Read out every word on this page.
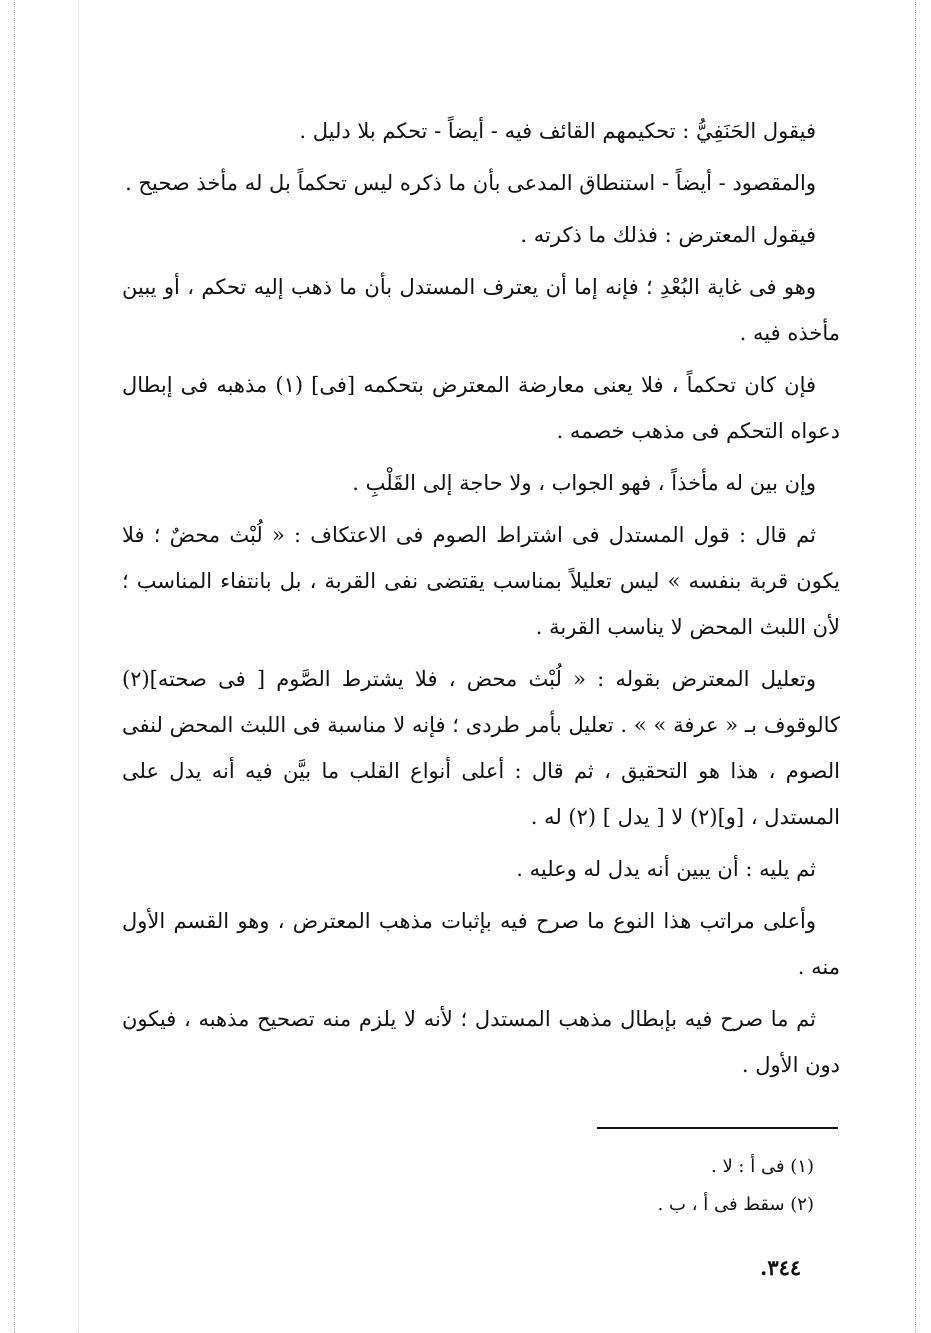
فيقول الحَنَفِيُّ : تحكيمهم القائف فيه - أيضاً - تحكم بلا دليل .

والمقصود - أيضاً - استنطاق المدعى بأن ما ذكره ليس تحكماً بل له مأخذ صحيح .

فيقول المعترض : فذلك ما ذكرته .

وهو فى غاية البُعْدِ ؛ فإنه إما أن يعترف المستدل بأن ما ذهب إليه تحكم ، أو يبين مأخذه فيه .

فإن كان تحكماً ، فلا يعنى معارضة المعترض بتحكمه [فى] (١) مذهبه فى إبطال دعواه التحكم فى مذهب خصمه .

وإن بين له مأخذاً ، فهو الجواب ، ولا حاجة إلى القَلْبِ .

ثم قال : قول المستدل فى اشتراط الصوم فى الاعتكاف : « لُبْث محضٌ ؛ فلا يكون قربة بنفسه » ليس تعليلاً بمناسب يقتضى نفى القربة ، بل بانتفاء المناسب ؛ لأن اللبث المحض لا يناسب القربة .

وتعليل المعترض بقوله : « لُبْث محض ، فلا يشترط الصَّوم [ فى صحته](٢) كالوقوف بـ « عرفة » » . تعليل بأمر طردى ؛ فإنه لا مناسبة فى اللبث المحض لنفى الصوم ، هذا هو التحقيق ، ثم قال : أعلى أنواع القلب ما بيَّن فيه أنه يدل على المستدل ، [و](٢) لا [ يدل ] (٢) له .

ثم يليه : أن يبين أنه يدل له وعليه .

وأعلى مراتب هذا النوع ما صرح فيه بإثبات مذهب المعترض ، وهو القسم الأول منه .

ثم ما صرح فيه بإبطال مذهب المستدل ؛ لأنه لا يلزم منه تصحيح مذهبه ، فيكون دون الأول .

(١) فى أ : لا .
(٢) سقط فى أ ، ب .
٣٤٤.
